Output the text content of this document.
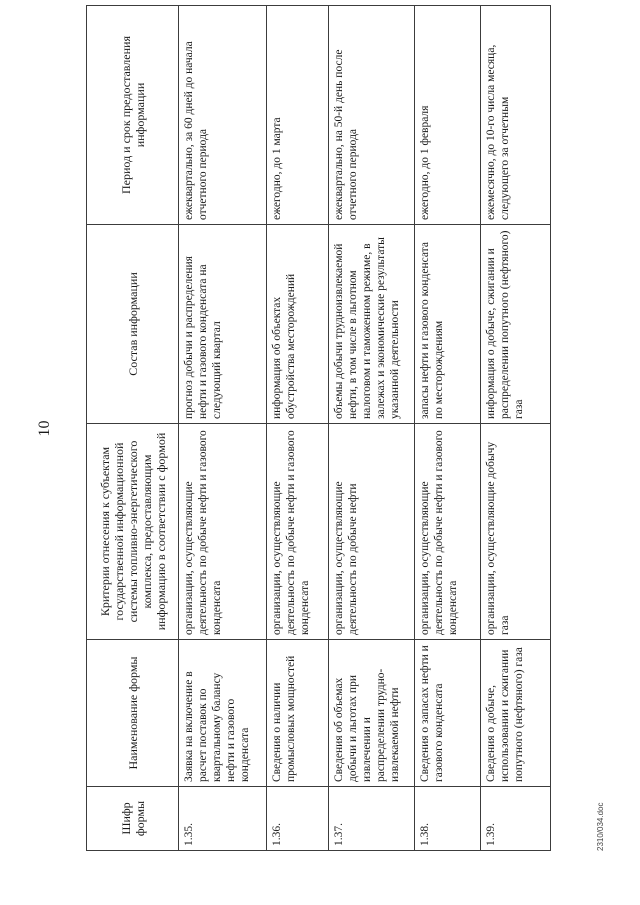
10
Шифр формы	Наименование формы	Критерии отнесения к субъектам государственной информационной системы топливно-энергетического комплекса, предоставляющим информацию в соответствии с формой	Состав информации	Период и срок предоставления информации
1.35.	Заявка на включение в расчет поставок по квартальному балансу нефти и газового конденсата	организации, осуществляющие деятельность по добыче нефти и газового конденсата	прогноз добычи и распределения нефти и газового конденсата на следующий квартал	ежеквартально, за 60 дней до начала отчетного периода
1.36.	Сведения о наличии промысловых мощностей	организации, осуществляющие деятельность по добыче нефти и газового конденсата	информация об объектах обустройства месторождений	ежегодно, до 1 марта
1.37.	Сведения об объемах добычи и льготах при извлечении и распределении трудно-извлекаемой нефти	организации, осуществляющие деятельность по добыче нефти	объемы добычи трудноизвлекаемой нефти, в том числе в льготном налоговом и таможенном режиме, в залежах и экономические результаты указанной деятельности	ежеквартально, на 50-й день после отчетного периода
1.38.	Сведения о запасах нефти и газового конденсата	организации, осуществляющие деятельность по добыче нефти и газового конденсата	запасы нефти и газового конденсата по месторождениям	ежегодно, до 1 февраля
1.39.	Сведения о добыче, использовании и сжигании попутного (нефтяного) газа	организации, осуществляющие добычу газа	информация о добыче, сжигании и распределении попутного (нефтяного) газа	ежемесячно, до 10-го числа месяца, следующего за отчетным
2310/034.doc
